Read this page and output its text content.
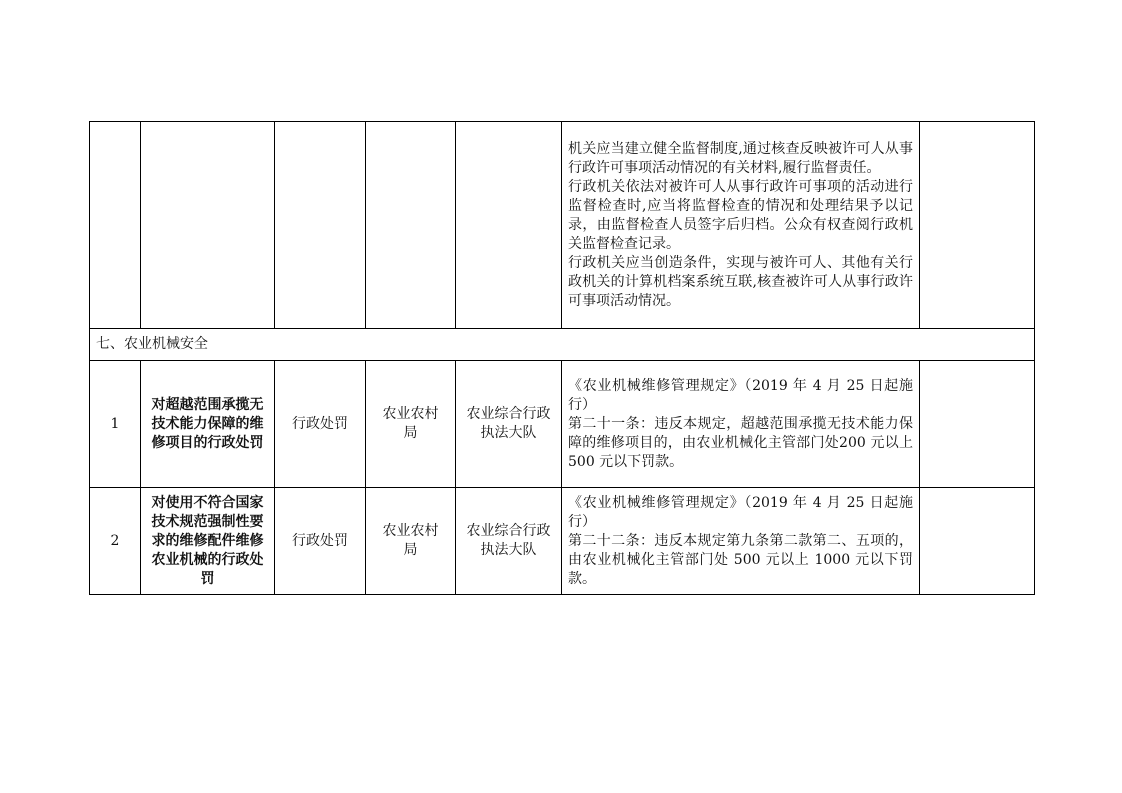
					机关应当建立健全监督制度,通过核查反映被许可人从事行政许可事项活动情况的有关材料,履行监督责任。
行政机关依法对被许可人从事行政许可事项的活动进行监督检查时,应当将监督检查的情况和处理结果予以记录，由监督检查人员签字后归档。公众有权查阅行政机关监督检查记录。
行政机关应当创造条件，实现与被许可人、其他有关行政机关的计算机档案系统互联,核查被许可人从事行政许可事项活动情况。	

七、农业机械安全						
1	对超越范围承揽无技术能力保障的维修项目的行政处罚	行政处罚	农业农村局	农业综合行政执法大队	《农业机械维修管理规定》（2019 年 4 月 25 日起施行）
第二十一条：违反本规定，超越范围承揽无技术能力保障的维修项目的，由农业机械化主管部门处200 元以上 500 元以下罚款。	

2	对使用不符合国家技术规范强制性要求的维修配件维修农业机械的行政处罚	行政处罚	农业农村局	农业综合行政执法大队	《农业机械维修管理规定》（2019 年 4 月 25 日起施行）
第二十二条：违反本规定第九条第二款第二、五项的，由农业机械化主管部门处 500 元以上 1000 元以下罚款。	
